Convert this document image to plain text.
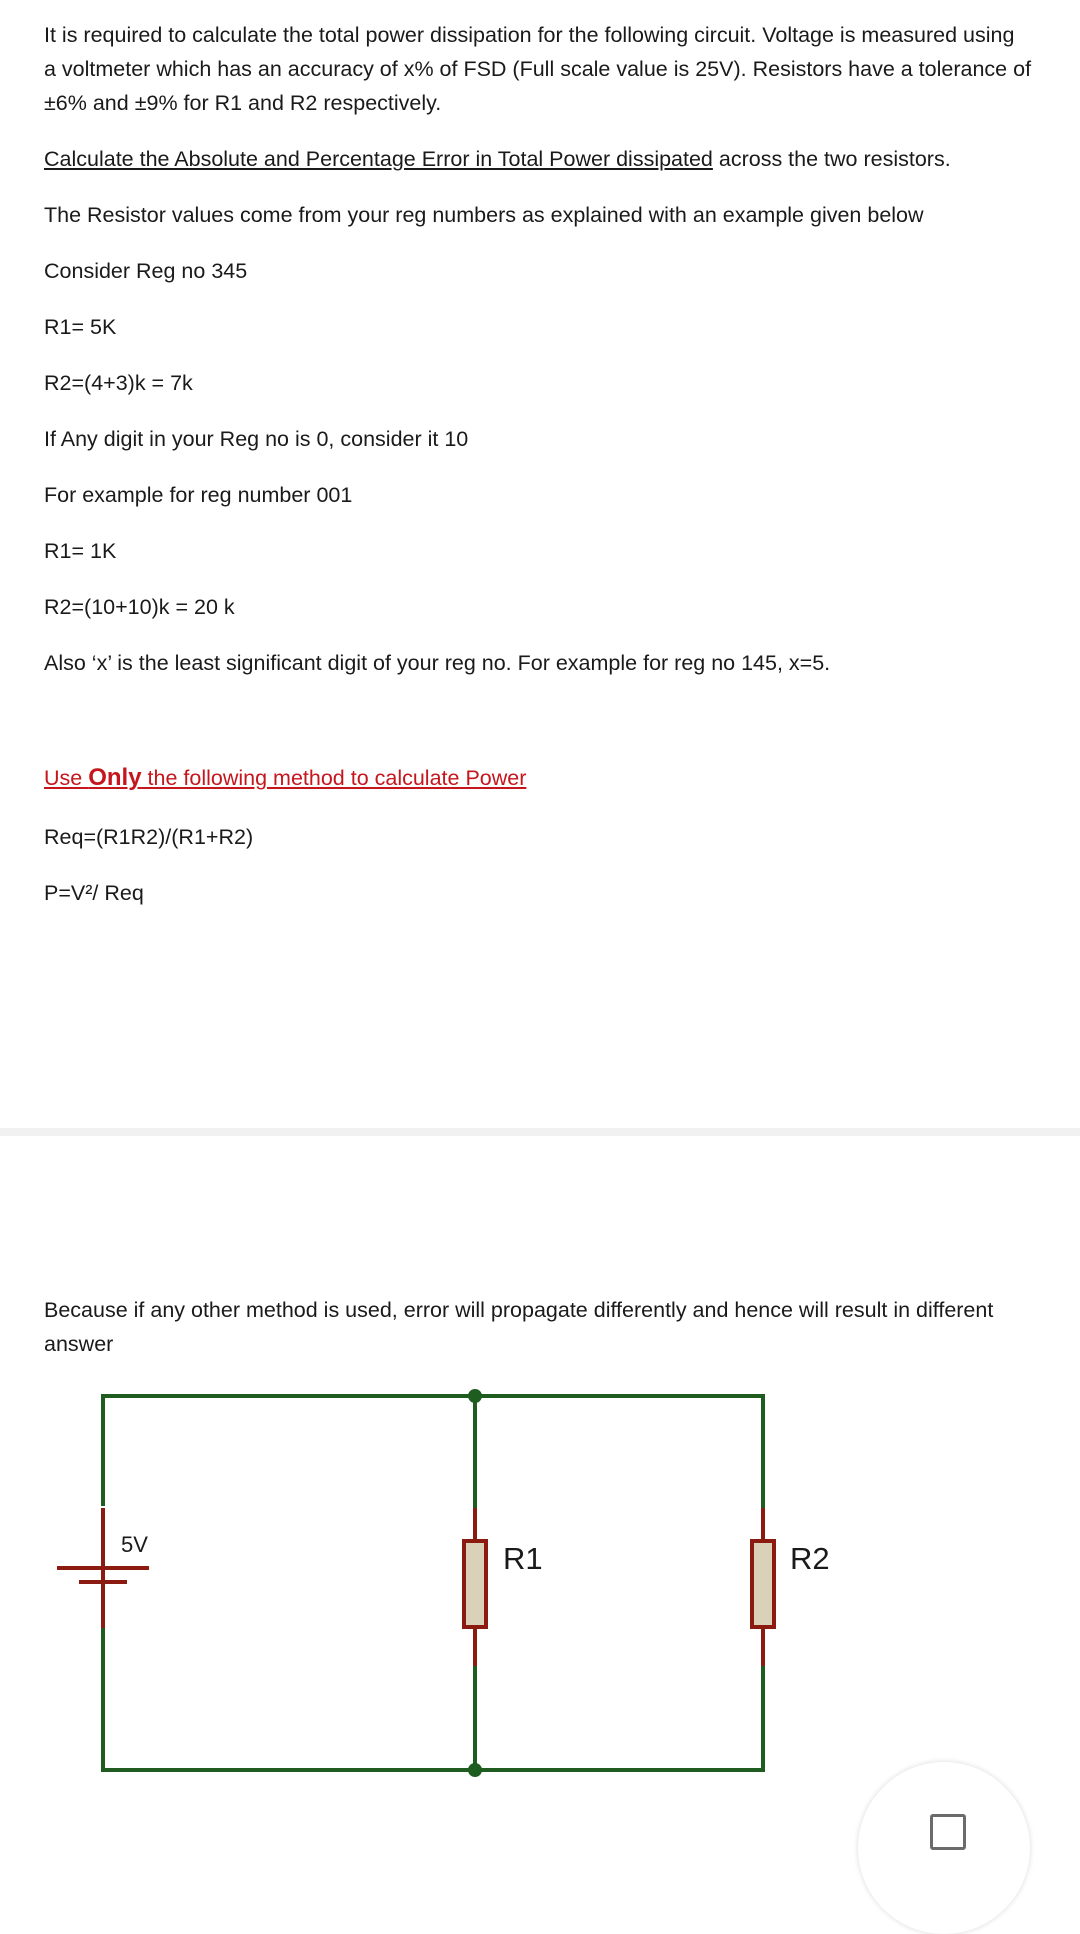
It is required to calculate the total power dissipation for the following circuit. Voltage is measured using
a voltmeter which has an accuracy of x% of FSD (Full scale value is 25V). Resistors have a tolerance of
±6% and ±9% for R1 and R2 respectively.
Calculate the Absolute and Percentage Error in Total Power dissipated across the two resistors.
The Resistor values come from your reg numbers as explained with an example given below
Consider Reg no 345
R1= 5K
R2=(4+3)k = 7k
If Any digit in your Reg no is 0, consider it 10
For example for reg number 001
R1= 1K
R2=(10+10)k = 20 k
Also ‘x’ is the least significant digit of your reg no. For example for reg no 145, x=5.
Use Only the following method to calculate Power
Req=(R1R2)/(R1+R2)
P=V²/ Req
Because if any other method is used, error will propagate differently and hence will result in different answer
5V	R1	R2
